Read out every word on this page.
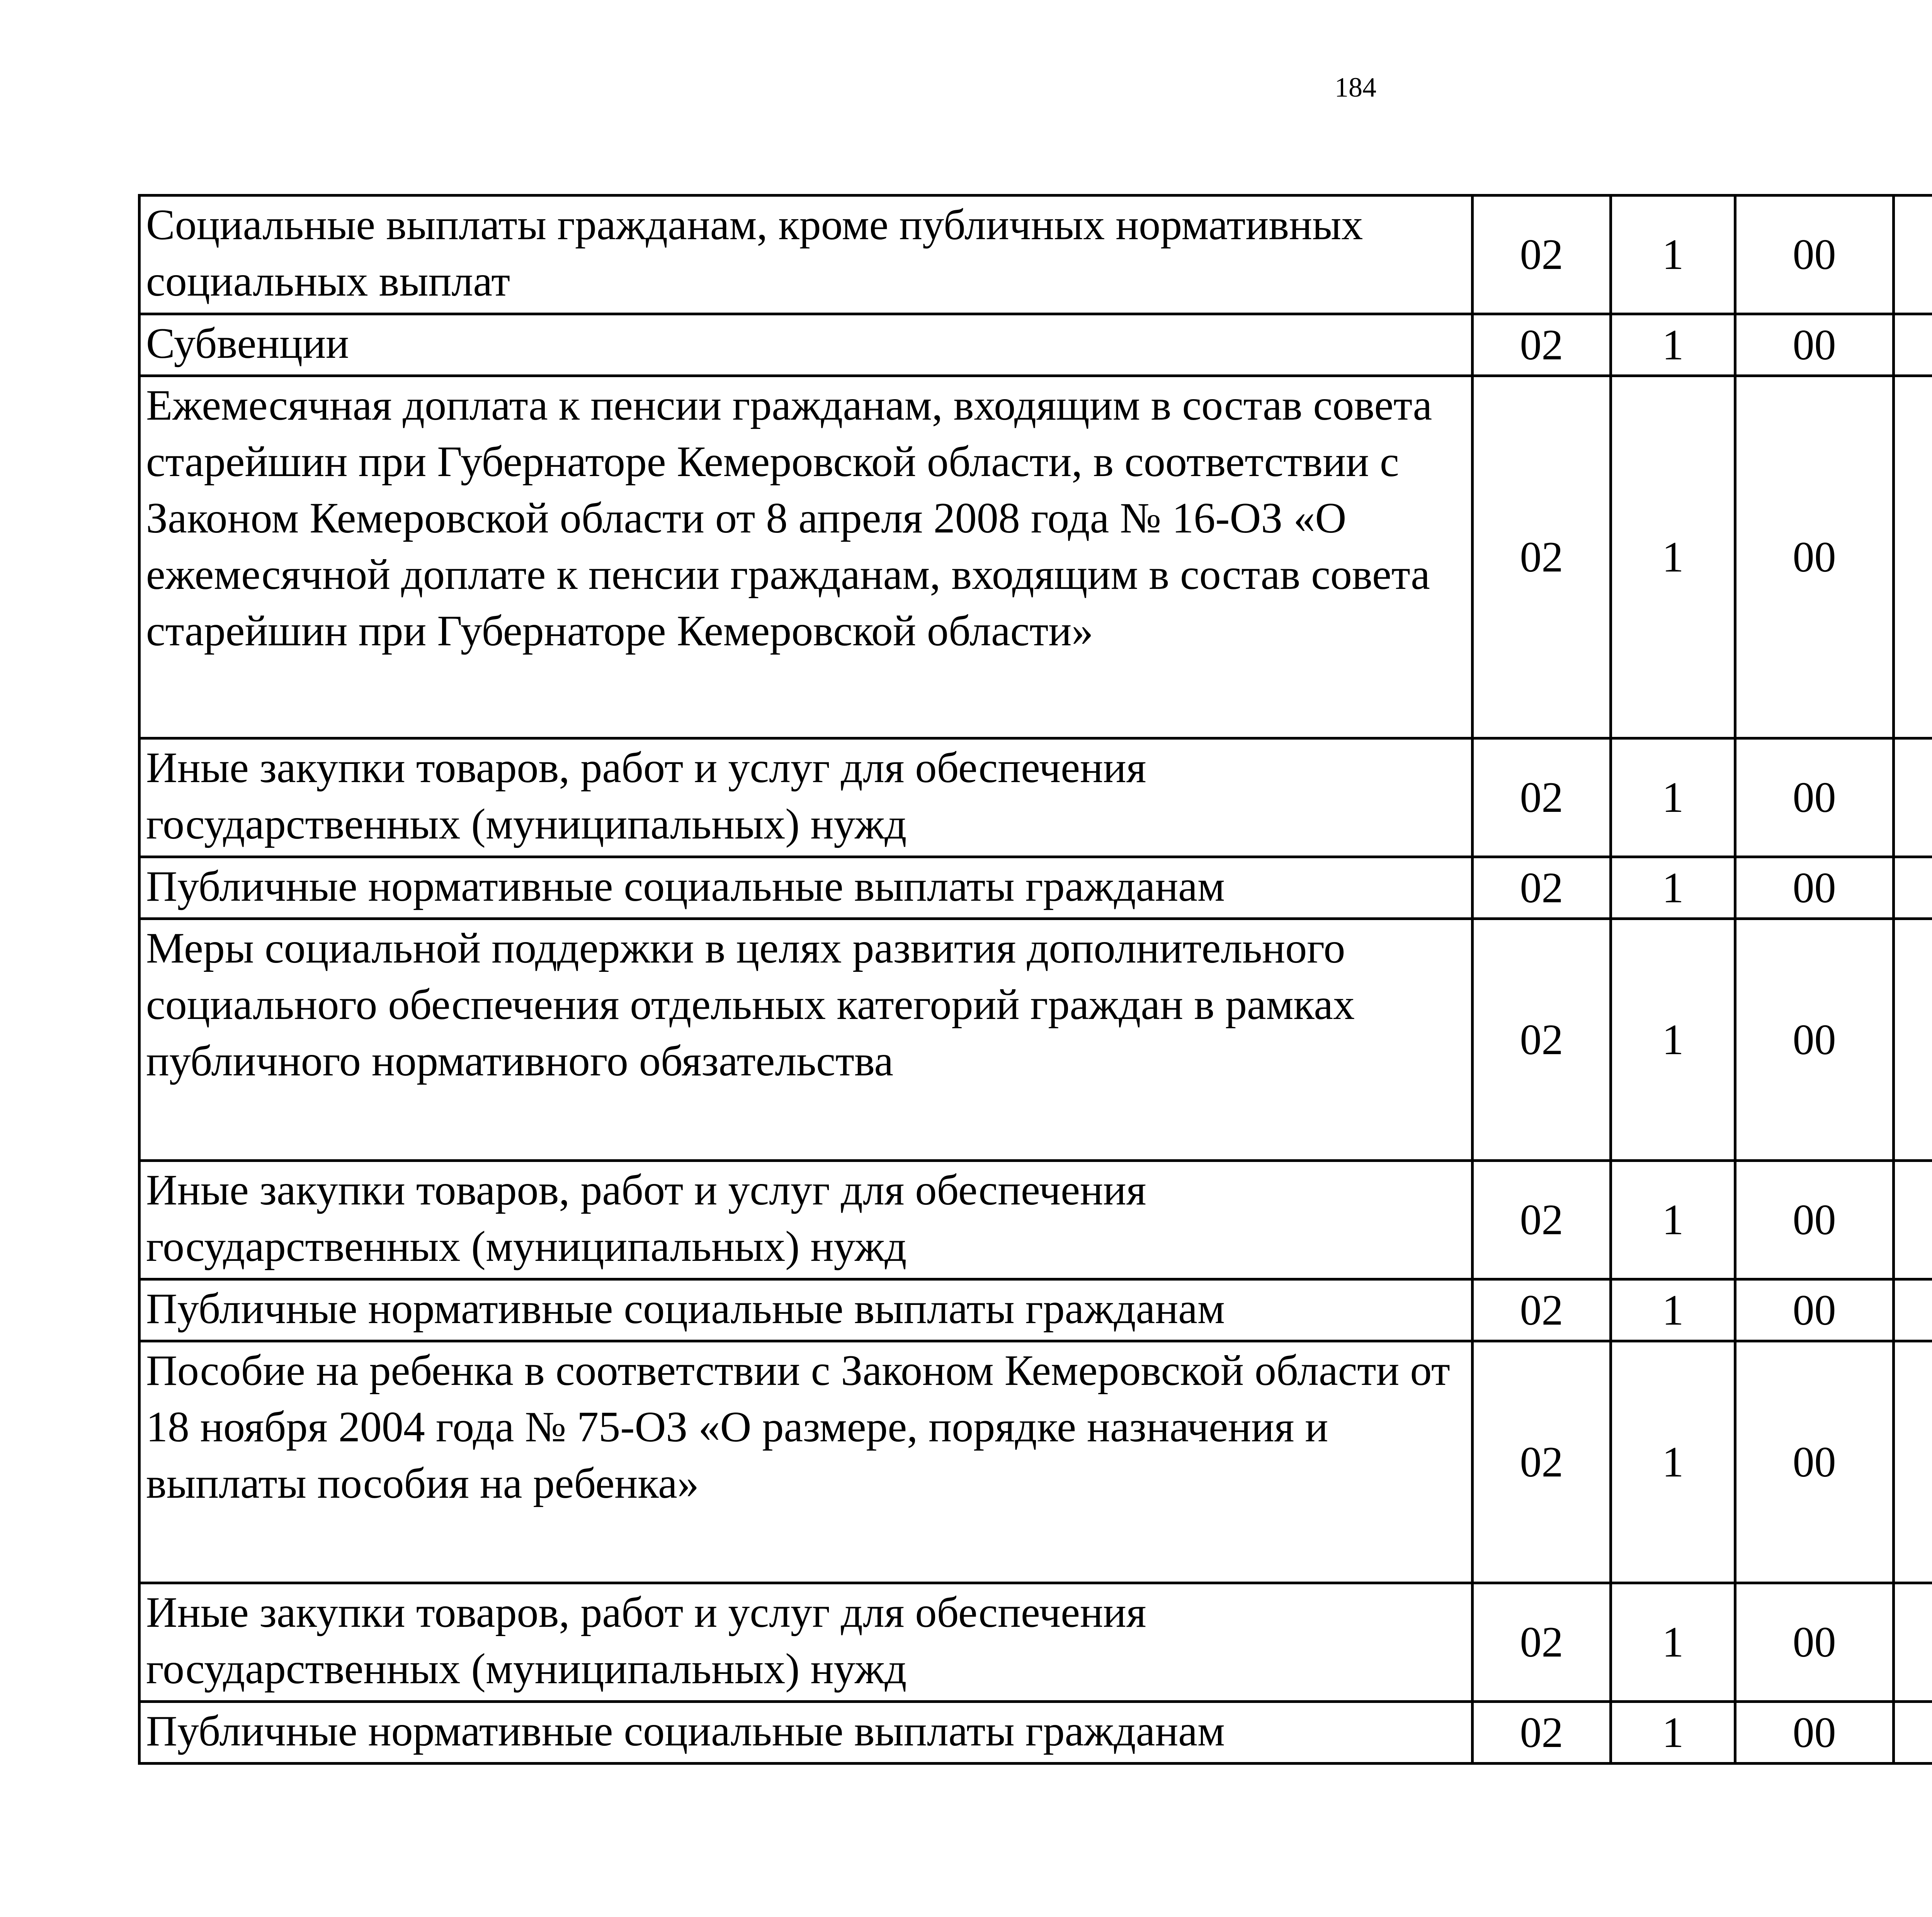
184
Социальные выплаты гражданам, кроме публичных нормативных социальных выплат	02	1	00			
Субвенции	02	1	00			
Ежемесячная доплата к пенсии гражданам, входящим в состав совета старейшин при Губернаторе Кемеровской области, в соответствии с Законом Кемеровской области от 8 апреля 2008 года № 16-ОЗ «О ежемесячной доплате к пенсии гражданам, входящим в состав совета старейшин при Губернаторе Кемеровской области»	02	1	00			
Иные закупки товаров, работ и услуг для обеспечения государственных (муниципальных) нужд	02	1	00			
Публичные нормативные социальные выплаты гражданам	02	1	00			
Меры социальной поддержки в целях развития дополнительного социального обеспечения отдельных категорий граждан в рамках публичного нормативного обязательства	02	1	00			
Иные закупки товаров, работ и услуг для обеспечения государственных (муниципальных) нужд	02	1	00			
Публичные нормативные социальные выплаты гражданам	02	1	00			
Пособие на ребенка в соответствии с Законом Кемеровской области от 18 ноября 2004 года № 75-ОЗ «О размере, порядке назначения и выплаты пособия на ребенка»	02	1	00			
Иные закупки товаров, работ и услуг для обеспечения государственных (муниципальных) нужд	02	1	00			
Публичные нормативные социальные выплаты гражданам	02	1	00			
